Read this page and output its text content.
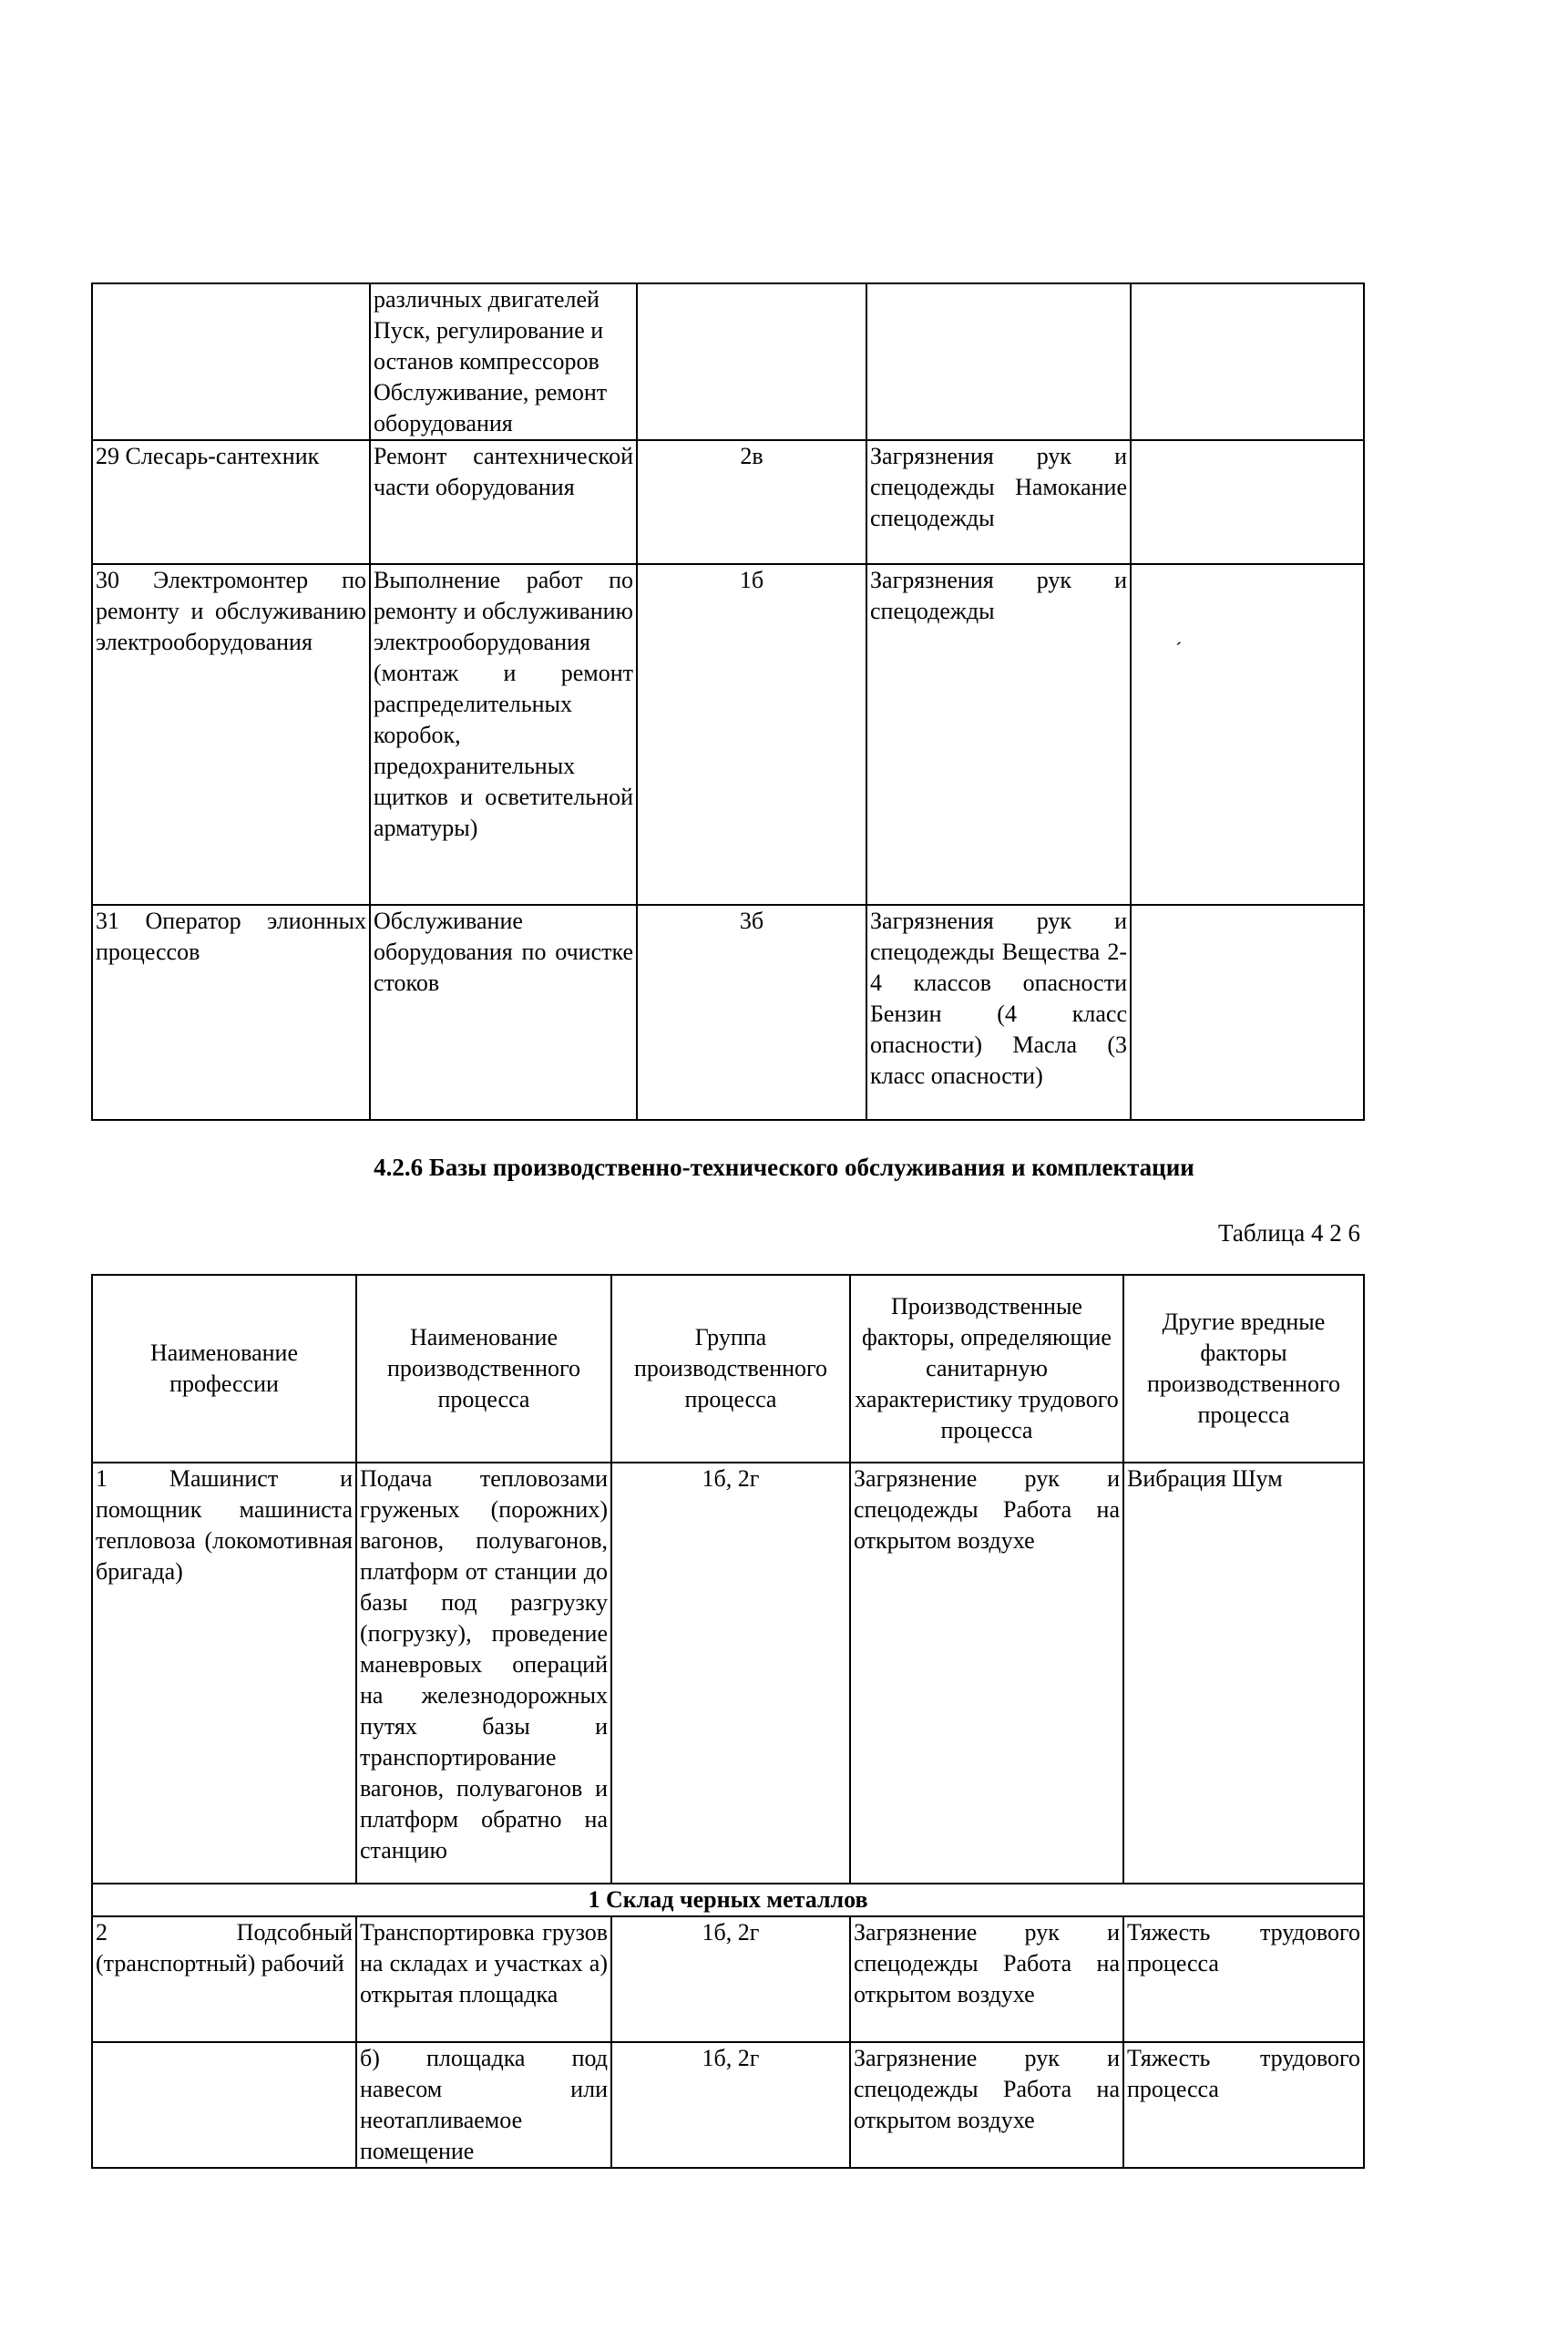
	различных двигателей Пуск, регулирование и останов компрессоров Обслуживание, ремонт оборудования			
29 Слесарь-сантехник	Ремонт сантехнической части оборудования	2в	Загрязнения рук и спецодежды Намокание спецодежды	
30 Электромонтер по ремонту и обслуживанию электрооборудования	Выполнение работ по ремонту и обслуживанию электрооборудования (монтаж и ремонт распределительных коробок, предохранительных щитков и осветительной арматуры)	1б	Загрязнения рук и спецодежды	
31 Оператор элионных процессов	Обслуживание оборудования по очистке стоков	3б	Загрязнения рук и спецодежды Вещества 2-4 классов опасности Бензин (4 класс опасности) Масла (3 класс опасности)	
´
4.2.6 Базы производственно-технического обслуживания и комплектации
Таблица 4 2 6
Наименование профессии	Наименование производственного процесса	Группа производственного процесса	Производственные факторы, определяющие санитарную характеристику трудового процесса	Другие вредные факторы производственного процесса
1 Машинист и помощник машиниста тепловоза (локомотивная бригада)	Подача тепловозами груженых (порожних) вагонов, полувагонов, платформ от станции до базы под разгрузку (погрузку), проведение маневровых операций на железнодорожных путях базы и транспортирование вагонов, полувагонов и платформ обратно на станцию	1б, 2г	Загрязнение рук и спецодежды Работа на открытом воздухе	Вибрация Шум
1 Склад черных металлов				
2 Подсобный (транспортный) рабочий	Транспортировка грузов на складах и участках а) открытая площадка	1б, 2г	Загрязнение рук и спецодежды Работа на открытом воздухе	Тяжесть трудового процесса
	б) площадка под навесом или неотапливаемое помещение	1б, 2г	Загрязнение рук и спецодежды Работа на открытом воздухе	Тяжесть трудового процесса
